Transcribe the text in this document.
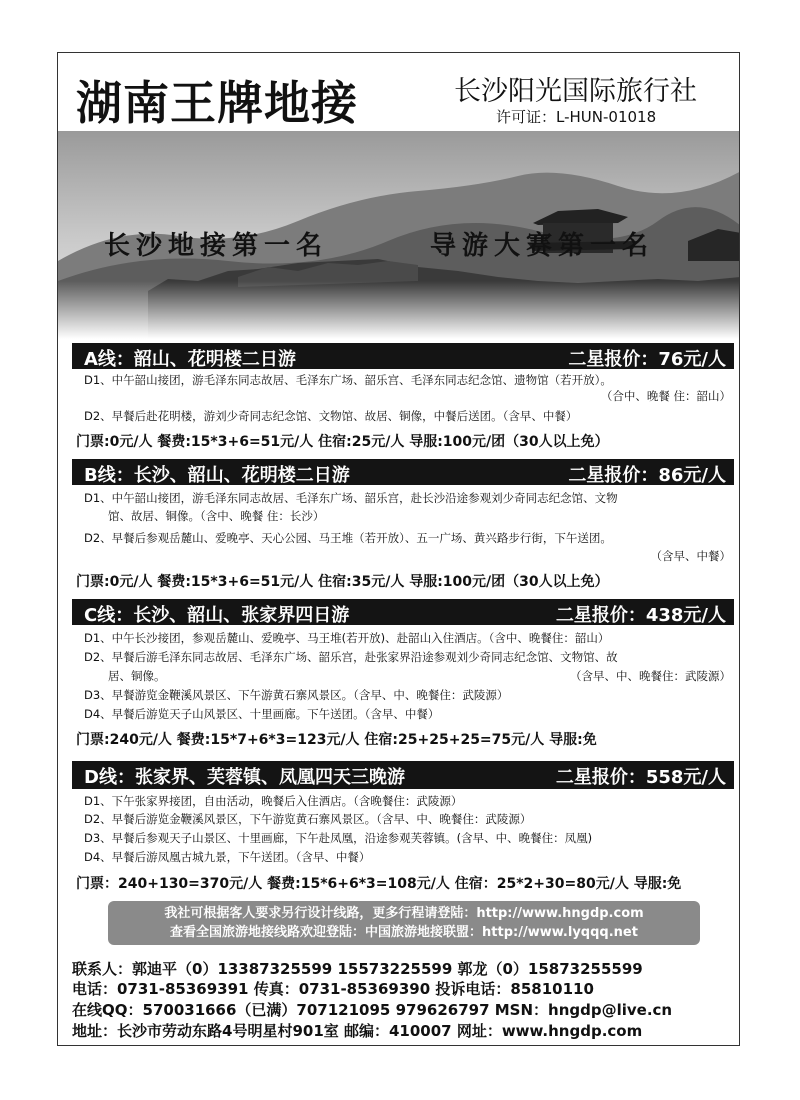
湖南王牌地接	长沙阳光国际旅行社
许可证：L-HUN-01018
长沙地接第一名	导游大赛第一名
A线：韶山、花明楼二日游	二星报价：76元/人
D1、中午韶山接团，游毛泽东同志故居、毛泽东广场、韶乐宫、毛泽东同志纪念馆、遗物馆（若开放）。
（合中、晚餐 住：韶山）
D2、早餐后赴花明楼，游刘少奇同志纪念馆、文物馆、故居、铜像，中餐后送团。（含早、中餐）
门票:0元/人 餐费:15*3+6=51元/人 住宿:25元/人 导服:100元/团（30人以上免）
B线：长沙、韶山、花明楼二日游	二星报价：86元/人
D1、中午韶山接团，游毛泽东同志故居、毛泽东广场、韶乐宫，赴长沙沿途参观刘少奇同志纪念馆、文物
馆、故居、铜像。（含中、晚餐 住：长沙）
D2、早餐后参观岳麓山、爱晚亭、天心公园、马王堆（若开放）、五一广场、黄兴路步行街，下午送团。
（含早、中餐）
门票:0元/人 餐费:15*3+6=51元/人 住宿:35元/人 导服:100元/团（30人以上免）
C线：长沙、韶山、张家界四日游	二星报价：438元/人
D1、中午长沙接团，参观岳麓山、爱晚亭、马王堆(若开放)、赴韶山入住酒店。（含中、晚餐住：韶山）
D2、早餐后游毛泽东同志故居、毛泽东广场、韶乐宫，赴张家界沿途参观刘少奇同志纪念馆、文物馆、故
居、铜像。	（含早、中、晚餐住：武陵源）
D3、早餐游览金鞭溪风景区、下午游黄石寨风景区。（含早、中、晚餐住：武陵源）
D4、早餐后游览天子山风景区、十里画廊。下午送团。（含早、中餐）
门票:240元/人 餐费:15*7+6*3=123元/人 住宿:25+25+25=75元/人 导服:免
D线：张家界、芙蓉镇、凤凰四天三晚游	二星报价：558元/人
D1、下午张家界接团，自由活动，晚餐后入住酒店。（含晚餐住：武陵源）
D2、早餐后游览金鞭溪风景区，下午游览黄石寨风景区。（含早、中、晚餐住：武陵源）
D3、早餐后参观天子山景区、十里画廊，下午赴凤凰，沿途参观芙蓉镇。(含早、中、晚餐住：凤凰)
D4、早餐后游凤凰古城九景，下午送团。（含早、中餐）
门票：240+130=370元/人 餐费:15*6+6*3=108元/人 住宿：25*2+30=80元/人 导服:免
我社可根据客人要求另行设计线路，更多行程请登陆：http://www.hngdp.com
查看全国旅游地接线路欢迎登陆：中国旅游地接联盟：http://www.lyqqq.net
联系人：郭迪平（0）13387325599 15573225599 郭龙（0）15873255599
电话：0731-85369391 传真：0731-85369390 投诉电话：85810110
在线QQ：570031666（已满）707121095 979626797 MSN：hngdp@live.cn
地址：长沙市劳动东路4号明星村901室 邮编：410007 网址：www.hngdp.com
